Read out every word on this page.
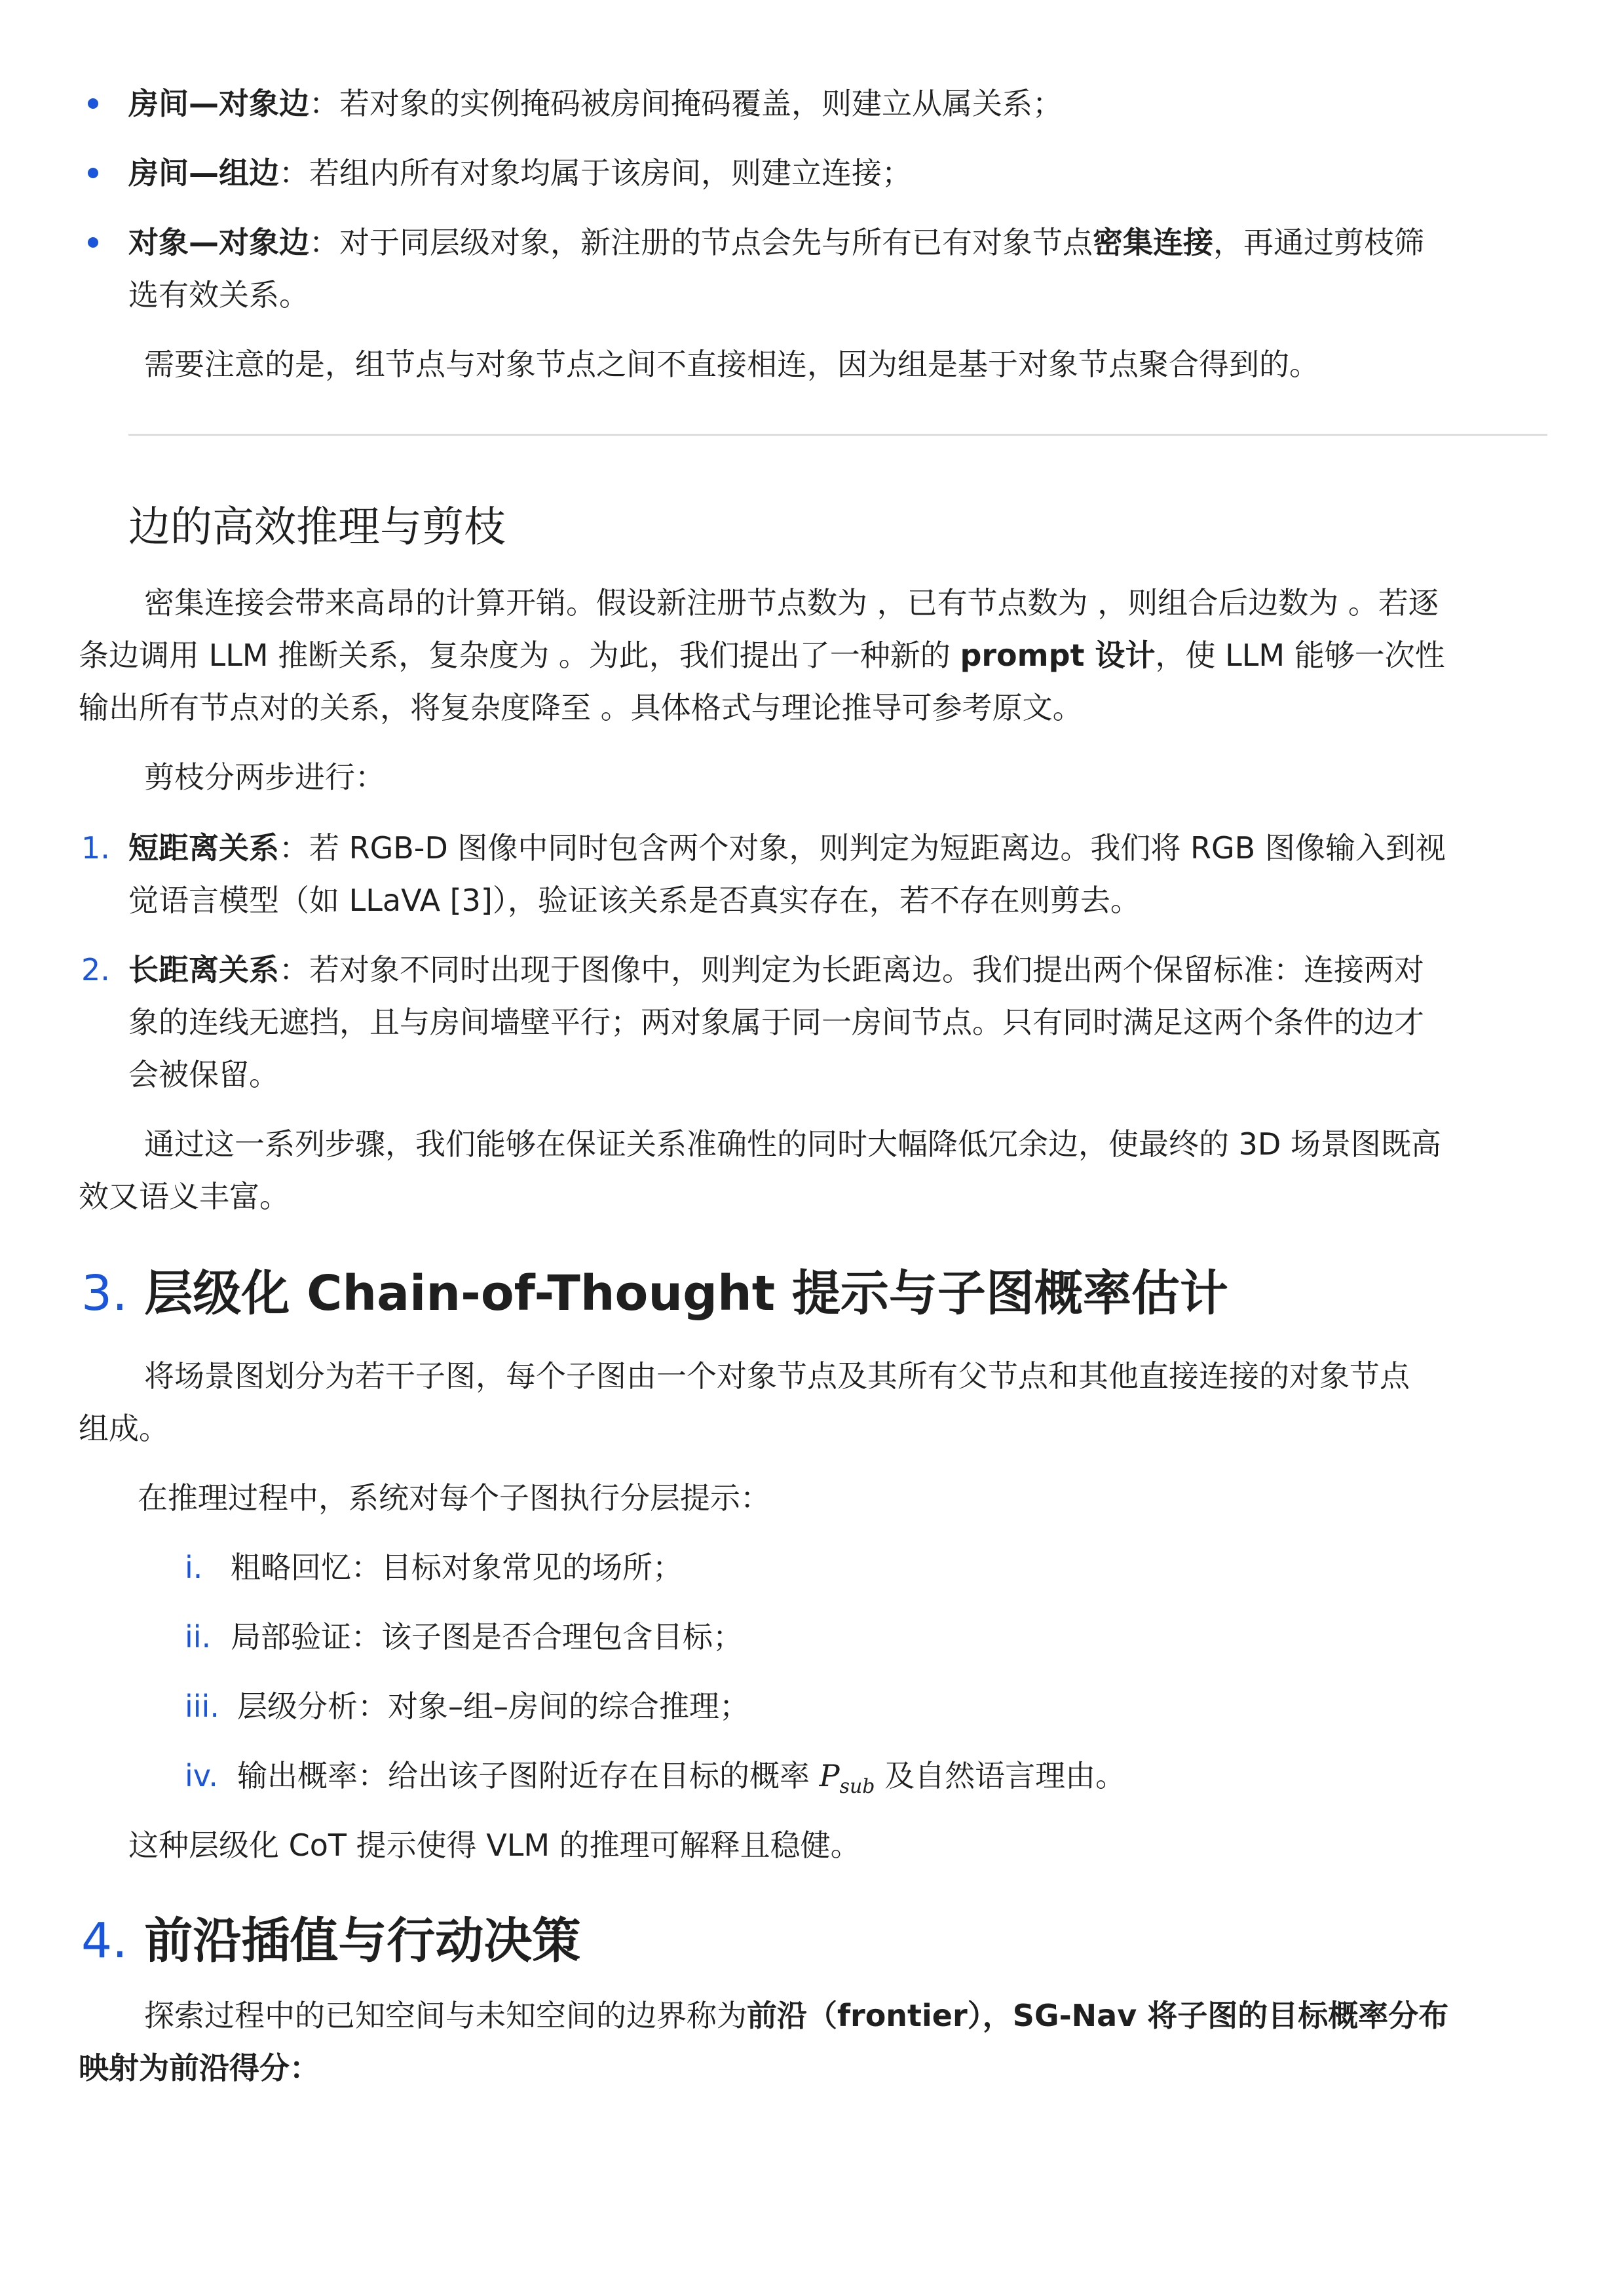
房间—对象边：若对象的实例掩码被房间掩码覆盖，则建立从属关系；
房间—组边：若组内所有对象均属于该房间，则建立连接；
对象—对象边：对于同层级对象，新注册的节点会先与所有已有对象节点密集连接，再通过剪枝筛
选有效关系。
需要注意的是，组节点与对象节点之间不直接相连，因为组是基于对象节点聚合得到的。
边的高效推理与剪枝
密集连接会带来高昂的计算开销。假设新注册节点数为 ，已有节点数为 ，则组合后边数为 。若逐
条边调用 LLM 推断关系，复杂度为 。为此，我们提出了一种新的 prompt 设计，使 LLM 能够一次性
输出所有节点对的关系，将复杂度降至 。具体格式与理论推导可参考原文。
剪枝分两步进行：
1. 短距离关系：若 RGB-D 图像中同时包含两个对象，则判定为短距离边。我们将 RGB 图像输入到视
觉语言模型（如 LLaVA [3]），验证该关系是否真实存在，若不存在则剪去。
2. 长距离关系：若对象不同时出现于图像中，则判定为长距离边。我们提出两个保留标准：连接两对
象的连线无遮挡，且与房间墙壁平行；两对象属于同一房间节点。只有同时满足这两个条件的边才
会被保留。
通过这一系列步骤，我们能够在保证关系准确性的同时大幅降低冗余边，使最终的 3D 场景图既高
效又语义丰富。
3. 层级化 Chain-of-Thought 提示与子图概率估计
将场景图划分为若干子图，每个子图由一个对象节点及其所有父节点和其他直接连接的对象节点
组成。
在推理过程中，系统对每个子图执行分层提示：
i. 粗略回忆：目标对象常见的场所；
ii. 局部验证：该子图是否合理包含目标；
iii. 层级分析：对象–组–房间的综合推理；
iv. 输出概率：给出该子图附近存在目标的概率 $P_{sub}$ 及自然语言理由。
这种层级化 CoT 提示使得 VLM 的推理可解释且稳健。
4. 前沿插值与行动决策
探索过程中的已知空间与未知空间的边界称为前沿（frontier），SG-Nav 将子图的目标概率分布
映射为前沿得分：
